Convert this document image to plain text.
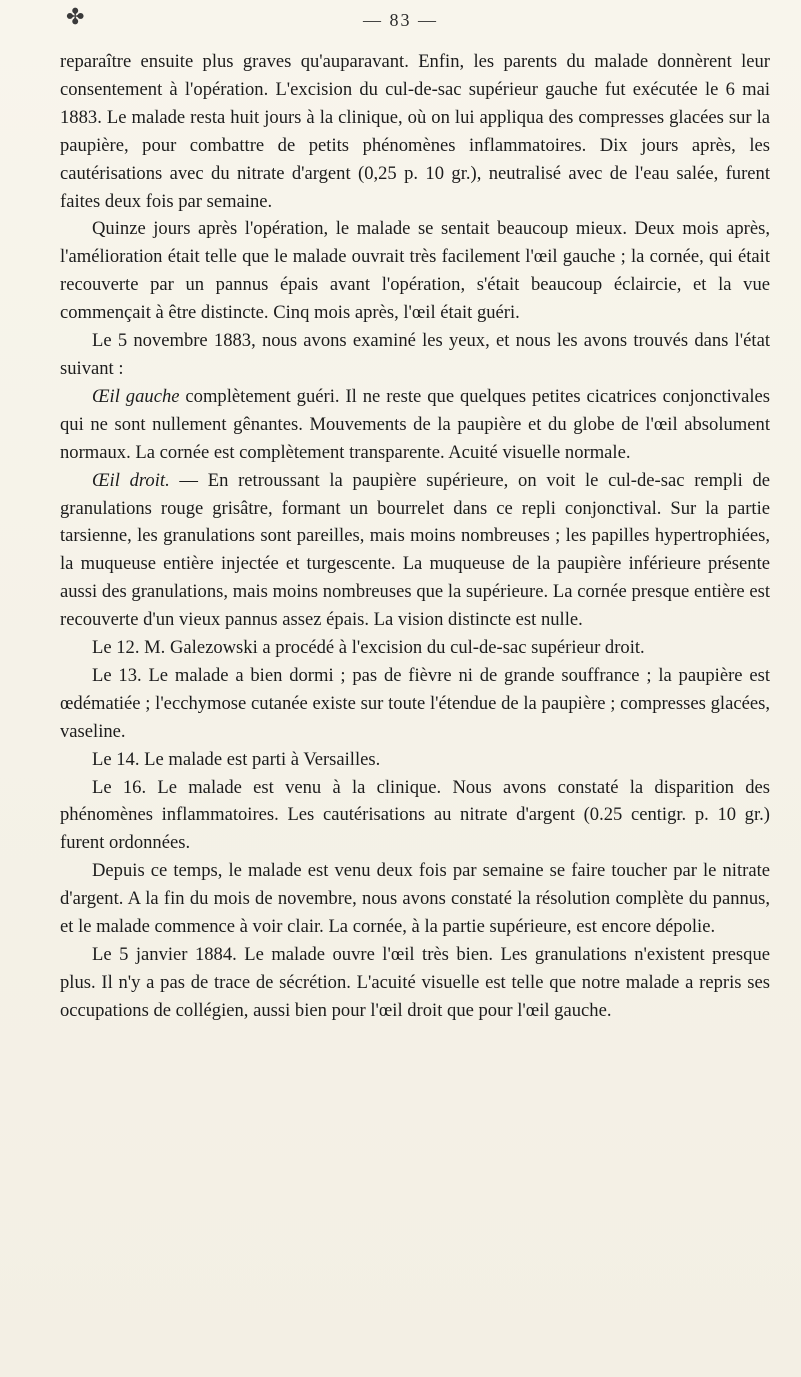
✤	— 83 —

reparaître ensuite plus graves qu'auparavant. Enfin, les parents du malade donnèrent leur consentement à l'opération. L'excision du cul-de-sac supérieur gauche fut exécutée le 6 mai 1883. Le malade resta huit jours à la clinique, où on lui appliqua des compresses glacées sur la paupière, pour combattre de petits phénomènes inflammatoires. Dix jours après, les cautérisations avec du nitrate d'argent (0,25 p. 10 gr.), neutralisé avec de l'eau salée, furent faites deux fois par semaine.

Quinze jours après l'opération, le malade se sentait beaucoup mieux. Deux mois après, l'amélioration était telle que le malade ouvrait très facilement l'œil gauche ; la cornée, qui était recouverte par un pannus épais avant l'opération, s'était beaucoup éclaircie, et la vue commençait à être distincte. Cinq mois après, l'œil était guéri.

Le 5 novembre 1883, nous avons examiné les yeux, et nous les avons trouvés dans l'état suivant :

Œil gauche complètement guéri. Il ne reste que quelques petites cicatrices conjonctivales qui ne sont nullement gênantes. Mouvements de la paupière et du globe de l'œil absolument normaux. La cornée est complètement transparente. Acuité visuelle normale.

Œil droit. — En retroussant la paupière supérieure, on voit le cul-de-sac rempli de granulations rouge grisâtre, formant un bourrelet dans ce repli conjonctival. Sur la partie tarsienne, les granulations sont pareilles, mais moins nombreuses ; les papilles hypertrophiées, la muqueuse entière injectée et turgescente. La muqueuse de la paupière inférieure présente aussi des granulations, mais moins nombreuses que la supérieure. La cornée presque entière est recouverte d'un vieux pannus assez épais. La vision distincte est nulle.

Le 12. M. Galezowski a procédé à l'excision du cul-de-sac supérieur droit.

Le 13. Le malade a bien dormi ; pas de fièvre ni de grande souffrance ; la paupière est œdématiée ; l'ecchymose cutanée existe sur toute l'étendue de la paupière ; compresses glacées, vaseline.

Le 14. Le malade est parti à Versailles.

Le 16. Le malade est venu à la clinique. Nous avons constaté la disparition des phénomènes inflammatoires. Les cautérisations au nitrate d'argent (0.25 centigr. p. 10 gr.) furent ordonnées.

Depuis ce temps, le malade est venu deux fois par semaine se faire toucher par le nitrate d'argent. A la fin du mois de novembre, nous avons constaté la résolution complète du pannus, et le malade commence à voir clair. La cornée, à la partie supérieure, est encore dépolie.

Le 5 janvier 1884. Le malade ouvre l'œil très bien. Les granulations n'existent presque plus. Il n'y a pas de trace de sécrétion. L'acuité visuelle est telle que notre malade a repris ses occupations de collégien, aussi bien pour l'œil droit que pour l'œil gauche.
